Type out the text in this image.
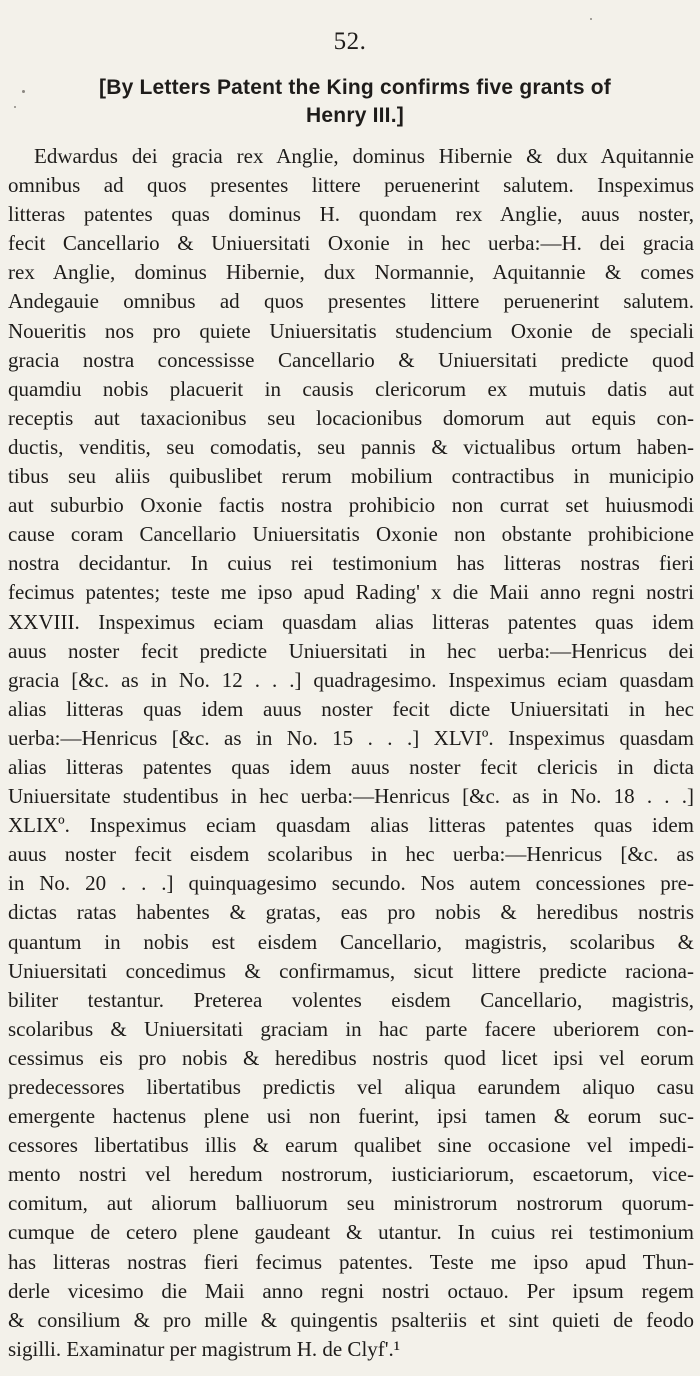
52.
[By Letters Patent the King confirms five grants of
Henry III.]
Edwardus dei gracia rex Anglie, dominus Hibernie & dux Aquitannie
omnibus ad quos presentes littere peruenerint salutem. Inspeximus
litteras patentes quas dominus H. quondam rex Anglie, auus noster,
fecit Cancellario & Uniuersitati Oxonie in hec uerba:—H. dei gracia
rex Anglie, dominus Hibernie, dux Normannie, Aquitannie & comes
Andegauie omnibus ad quos presentes littere peruenerint salutem.
Noueritis nos pro quiete Uniuersitatis studencium Oxonie de speciali
gracia nostra concessisse Cancellario & Uniuersitati predicte quod
quamdiu nobis placuerit in causis clericorum ex mutuis datis aut
receptis aut taxacionibus seu locacionibus domorum aut equis con-
ductis, venditis, seu comodatis, seu pannis & victualibus ortum haben-
tibus seu aliis quibuslibet rerum mobilium contractibus in municipio
aut suburbio Oxonie factis nostra prohibicio non currat set huiusmodi
cause coram Cancellario Uniuersitatis Oxonie non obstante prohibicione
nostra decidantur. In cuius rei testimonium has litteras nostras fieri
fecimus patentes; teste me ipso apud Rading' x die Maii anno regni nostri
XXVIII. Inspeximus eciam quasdam alias litteras patentes quas idem
auus noster fecit predicte Uniuersitati in hec uerba:—Henricus dei
gracia [&c. as in No. 12 . . .] quadragesimo. Inspeximus eciam quasdam
alias litteras quas idem auus noster fecit dicte Uniuersitati in hec
uerba:—Henricus [&c. as in No. 15 . . .] XLVIº. Inspeximus quasdam
alias litteras patentes quas idem auus noster fecit clericis in dicta
Uniuersitate studentibus in hec uerba:—Henricus [&c. as in No. 18 . . .]
XLIXº. Inspeximus eciam quasdam alias litteras patentes quas idem
auus noster fecit eisdem scolaribus in hec uerba:—Henricus [&c. as
in No. 20 . . .] quinquagesimo secundo. Nos autem concessiones pre-
dictas ratas habentes & gratas, eas pro nobis & heredibus nostris
quantum in nobis est eisdem Cancellario, magistris, scolaribus &
Uniuersitati concedimus & confirmamus, sicut littere predicte raciona-
biliter testantur. Preterea volentes eisdem Cancellario, magistris,
scolaribus & Uniuersitati graciam in hac parte facere uberiorem con-
cessimus eis pro nobis & heredibus nostris quod licet ipsi vel eorum
predecessores libertatibus predictis vel aliqua earundem aliquo casu
emergente hactenus plene usi non fuerint, ipsi tamen & eorum suc-
cessores libertatibus illis & earum qualibet sine occasione vel impedi-
mento nostri vel heredum nostrorum, iusticiariorum, escaetorum, vice-
comitum, aut aliorum balliuorum seu ministrorum nostrorum quorum-
cumque de cetero plene gaudeant & utantur. In cuius rei testimonium
has litteras nostras fieri fecimus patentes. Teste me ipso apud Thun-
derle vicesimo die Maii anno regni nostri octauo. Per ipsum regem
& consilium & pro mille & quingentis psalteriis et sint quieti de feodo
sigilli. Examinatur per magistrum H. de Clyf'.¹
